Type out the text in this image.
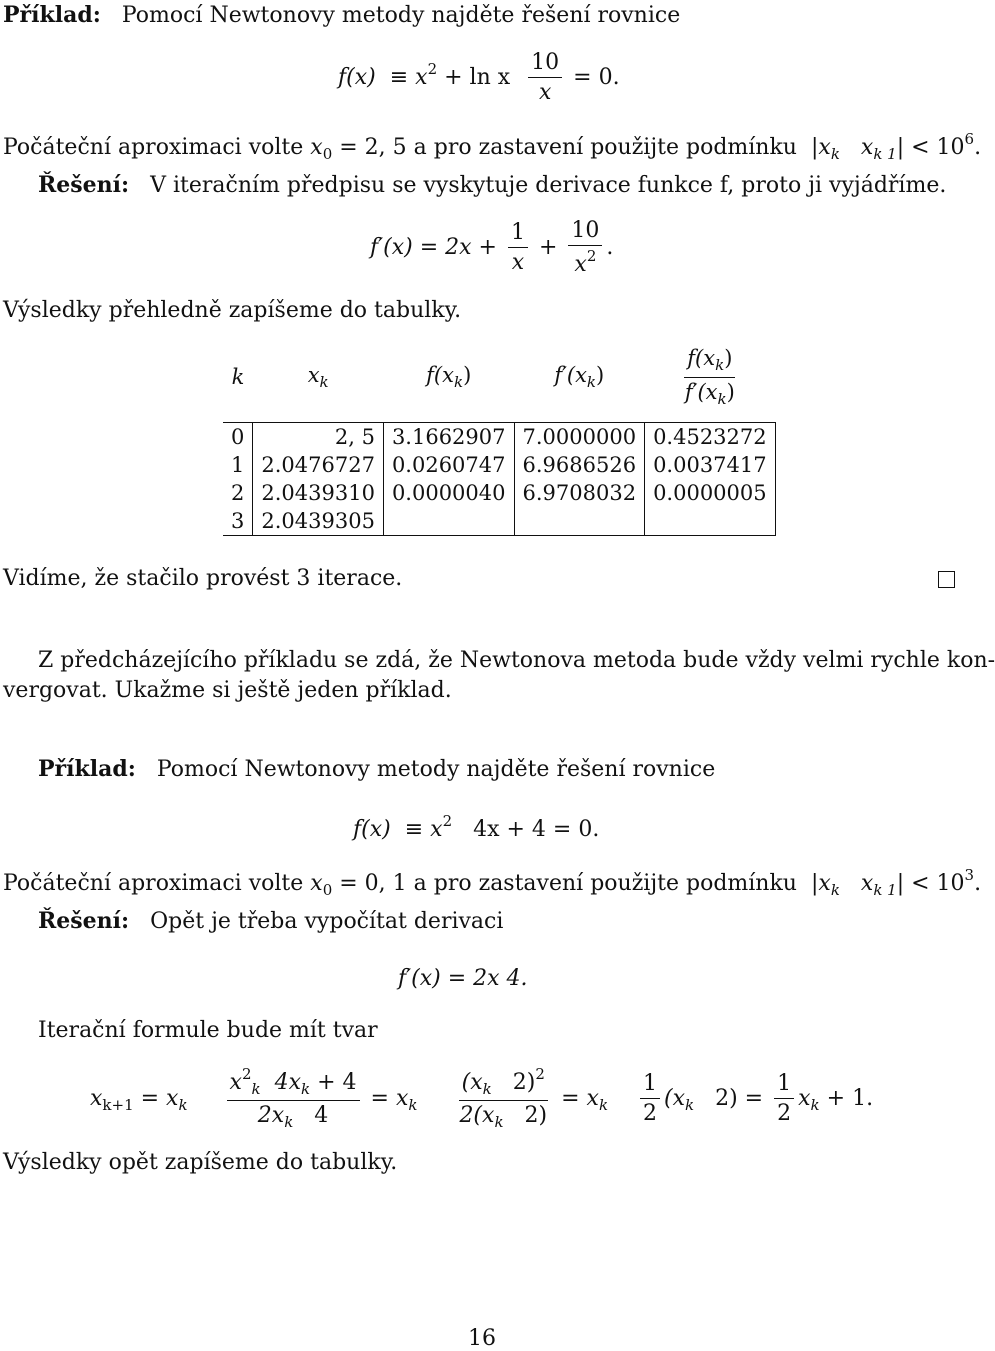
Příklad: Pomocí Newtonovy metody najděte řešení rovnice
$f(x) \equiv x^2 + \ln x \frac{10}{x} = 0$.
Počáteční aproximaci volte $x_0 = 2$, 5 a pro zastavení použijte podmínku  $|x_k$ $x_{k 1}| < 10^6$.
Řešení: V iteračním předpisu se vyskytuje derivace funkce f, proto ji vyjádříme.
$f'(x) = 2x + \frac{1}{x} + \frac{10}{x^2}$ .
Výsledky přehledně zapíšeme do tabulky.
k	$x_k$	$f(x_k)$	$f'(x_k)$	$\frac{f(x_k)}{f'(x_k)}$

0	2, 5	3.1662907	7.0000000	0.4523272
1	2.0476727	0.0260747	6.9686526	0.0037417
2	2.0439310	0.0000040	6.9708032	0.0000005
3	2.0439305			
Vidíme, že stačilo provést 3 iterace.
Z předcházejícího příkladu se zdá, že Newtonova metoda bude vždy velmi rychle kon-
vergovat. Ukažme si ještě jeden příklad.
Příklad: Pomocí Newtonovy metody najděte řešení rovnice
$f(x) \equiv x^2$ 4x + 4 = 0.
Počáteční aproximaci volte $x_0 = 0$, 1 a pro zastavení použijte podmínku  $|x_k$ $x_{k 1}| < 10^3$.
Řešení: Opět je třeba vypočítat derivaci
f′(x) = 2x 4.
Iterační formule bude mít tvar
$x_{k+1} = x_k \frac{x^2_k 4x_k + 4}{2x_k 4} = x_k \frac{(x_k 2)^2}{2(x_k 2)} = x_k \frac{1}{2} (x_k$ $2) = \frac{1}{2} x_k + 1$.
Výsledky opět zapíšeme do tabulky.
16
